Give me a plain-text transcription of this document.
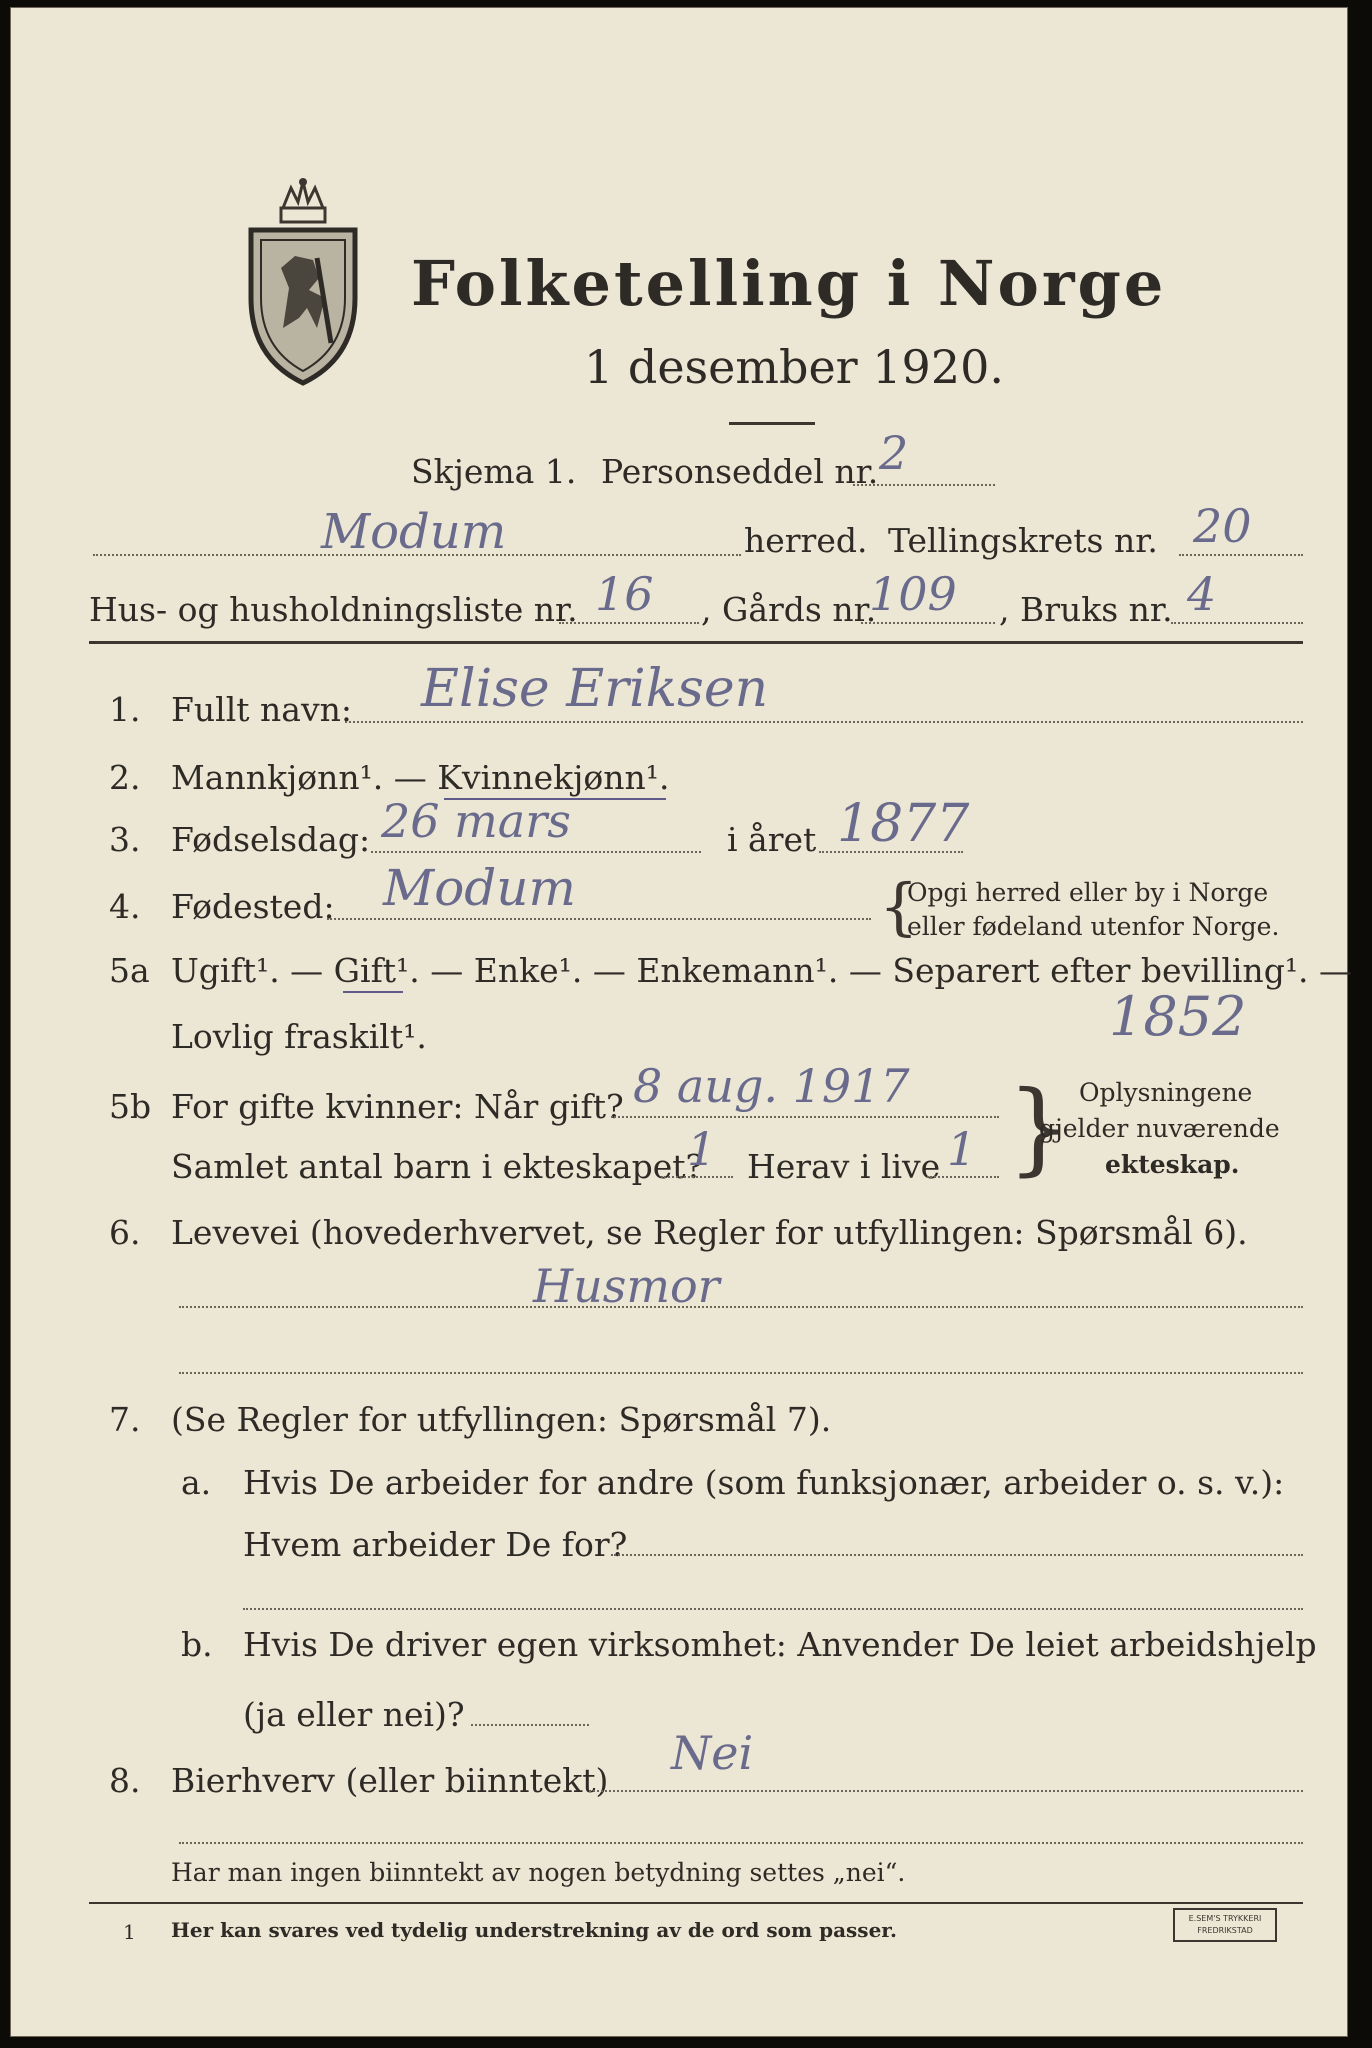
Folketelling i Norge
1 desember 1920.
Skjema 1. Personseddel nr. 2
Modum	herred. Tellingskrets nr. 20
Hus- og husholdningsliste nr. 16 , Gårds nr.
109 , Bruks nr. 4
1. Fullt navn: Elise Eriksen
2. Mannkjønn¹. — Kvinnekjønn¹.
3. Fødselsdag: 26 mars	i året 1877
4. Fødested: Modum	{
Opgi herred eller by i Norge
eller fødeland utenfor Norge.
5a Ugift¹. — Gift¹. — Enke¹. — Enkemann¹. — Separert efter bevilling¹. —
Lovlig fraskilt¹.	1852
5b For gifte kvinner: Når gift? 8 aug. 1917
Samlet antal barn i ekteskapet?
1 Herav i live 1 } Oplysningene
gjelder nuværende
ekteskap.
6. Levevei (hovederhvervet, se Regler for utfyllingen: Spørsmål 6).
Husmor
7. (Se Regler for utfyllingen: Spørsmål 7).
a. Hvis De arbeider for andre (som funksjonær, arbeider o. s. v.):
Hvem arbeider De for?
b. Hvis De driver egen virksomhet: Anvender De leiet arbeidshjelp
(ja eller nei)?
8. Bierhverv (eller biinntekt)
Nei
Har man ingen biinntekt av nogen betydning settes „nei“.
1 Her kan svares ved tydelig understrekning av de ord som passer.	E.SEM'S TRYKKERI FREDRIKSTAD
